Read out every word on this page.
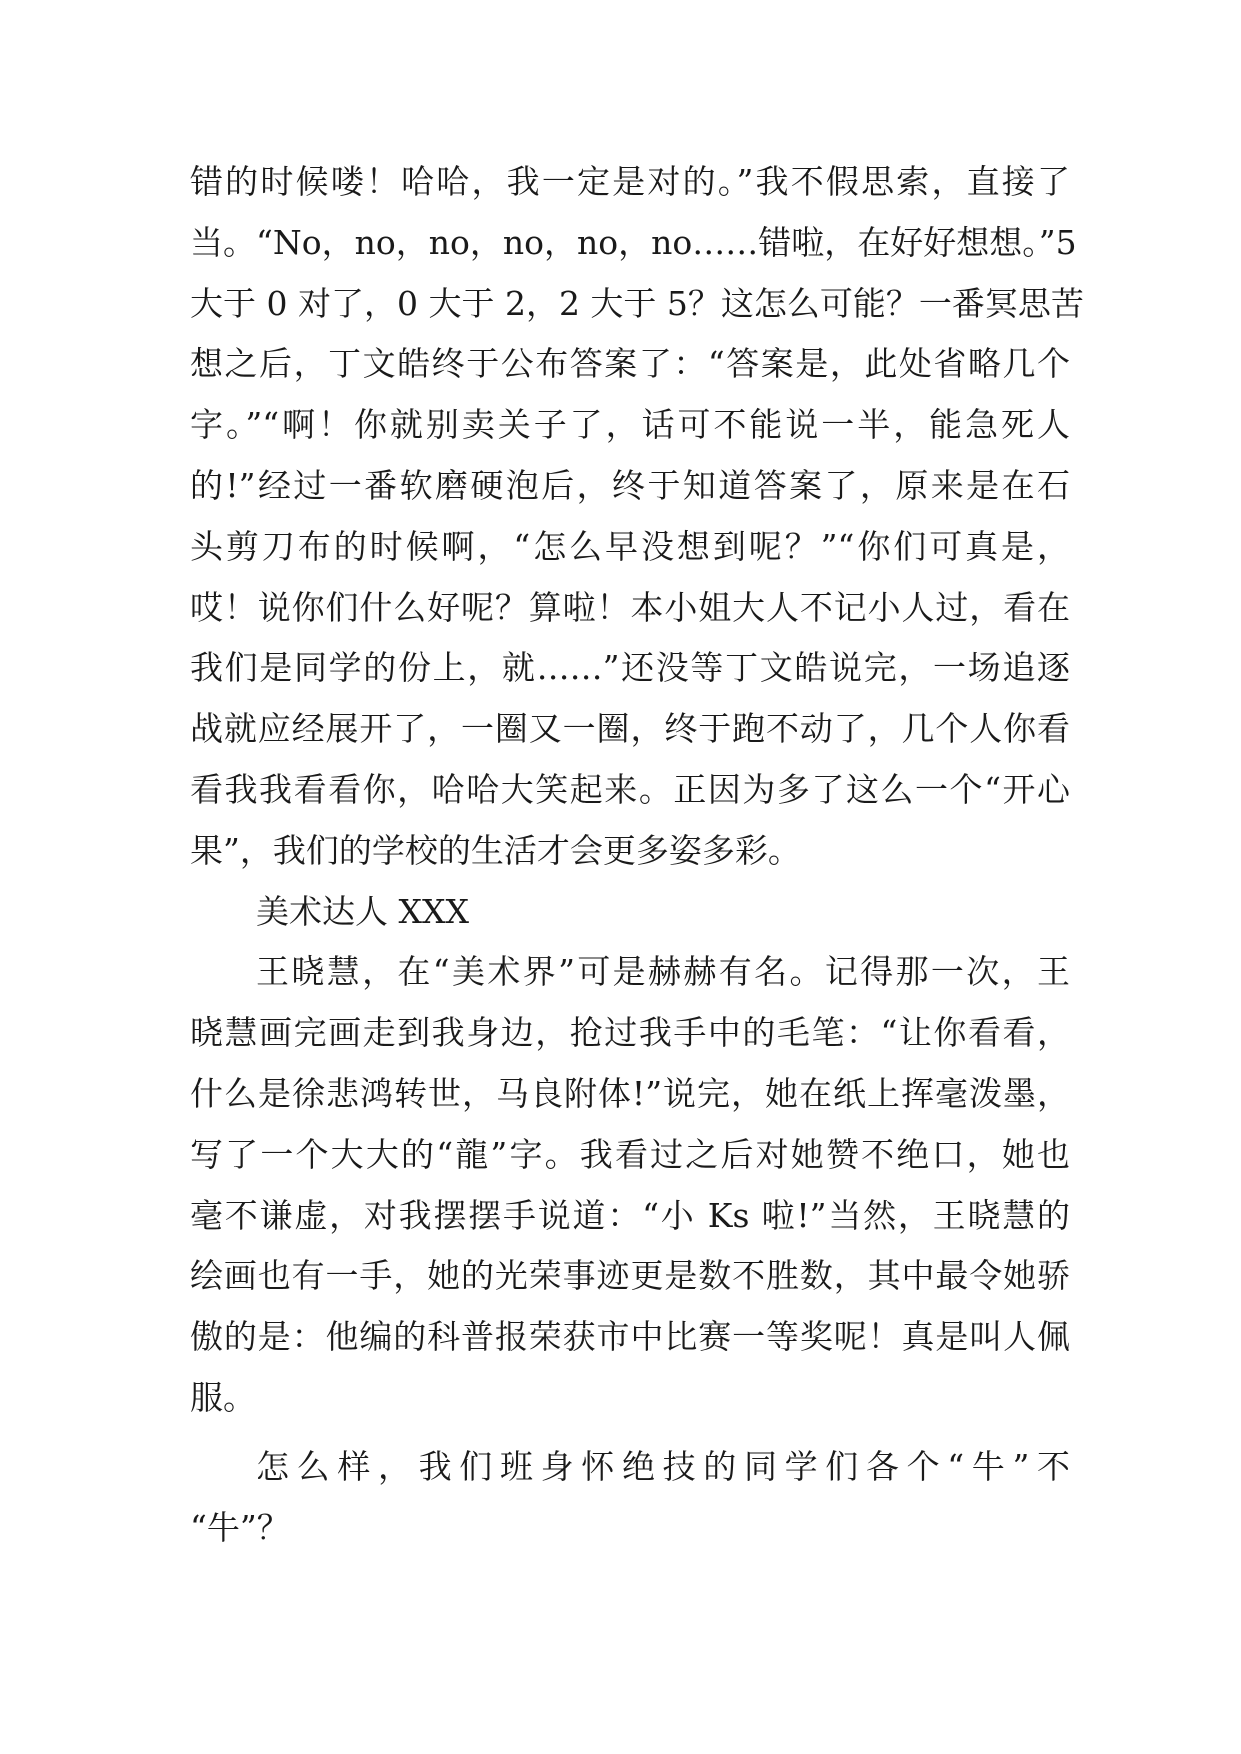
错的时候喽！哈哈，我一定是对的。”我不假思索，直接了
当。“No，no，no，no，no，no……错啦，在好好想想。”5
大于 0 对了，0 大于 2，2 大于 5？这怎么可能？一番冥思苦
想之后，丁文皓终于公布答案了：“答案是，此处省略几个
字。”“啊！你就别卖关子了，话可不能说一半，能急死人
的!”经过一番软磨硬泡后，终于知道答案了，原来是在石
头剪刀布的时候啊，“怎么早没想到呢？”“你们可真是，
哎！说你们什么好呢？算啦！本小姐大人不记小人过，看在
我们是同学的份上，就……”还没等丁文皓说完，一场追逐
战就应经展开了，一圈又一圈，终于跑不动了，几个人你看
看我我看看你，哈哈大笑起来。正因为多了这么一个“开心
果”，我们的学校的生活才会更多姿多彩。
美术达人 XXX
王晓慧，在“美术界”可是赫赫有名。记得那一次，王
晓慧画完画走到我身边，抢过我手中的毛笔：“让你看看，
什么是徐悲鸿转世，马良附体!”说完，她在纸上挥毫泼墨，
写了一个大大的“龍”字。我看过之后对她赞不绝口，她也
毫不谦虚，对我摆摆手说道：“小 Ks 啦!”当然，王晓慧的
绘画也有一手，她的光荣事迹更是数不胜数，其中最令她骄
傲的是：他编的科普报荣获市中比赛一等奖呢！真是叫人佩
服。
怎么样，我们班身怀绝技的同学们各个“牛”不
“牛”？
